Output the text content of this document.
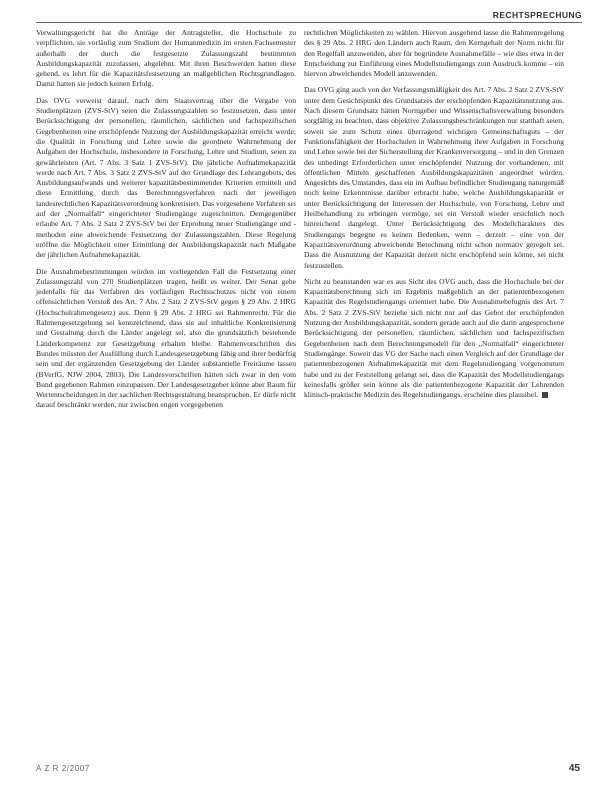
RECHTSPRECHUNG

Verwaltungsgericht hat die Anträge der Antragsteller, die Hochschule zu verpflichten, sie vorläufig zum Studium der Humanmedizin im ersten Fachsemester außerhalb der durch die festgesetzte Zulassungszahl bestimmten Ausbildungskapazität zuzulassen, abgelehnt. Mit ihren Beschwerden hatten diese gehend, es lehrt für die Kapazitätsfestsetzung an maßgeblichen Rechtsgrundlagen. Damit hatten sie jedoch keinen Erfolg.

Das OVG verweist darauf, nach dem Staatsvertrag über die Vergabe von Studienplätzen (ZVS-StV) seien die Zulassungszahlen so festzusetzen, dass unter Berücksichtigung der personellen, räumlichen, sächlichen und fachspezifischen Gegebenheiten eine erschöpfende Nutzung der Ausbildungskapazität erreicht werde; die Qualität in Forschung und Lehre sowie die geordnete Wahrnehmung der Aufgaben der Hochschule, insbesondere in Forschung, Lehre und Studium, seien zu gewährleisten (Art. 7 Abs. 3 Satz 1 ZVS-StV). Die jährliche Aufnahmekapazität werde nach Art. 7 Abs. 3 Satz 2 ZVS-StV auf der Grundlage des Lehrangebots, des Ausbildungsaufwands und weiterer kapazitätsbestimmender Kriterien ermittelt und diese Ermittlung durch das Berechnungsverfahren nach der jeweiligen landesrechtlichen Kapazitätsverordnung konkretisiert. Das vorgesehene Verfahren sei auf der „Normalfall“ eingerichteter Studiengänge zugeschnitten. Demgegenüber erlaube Art. 7 Abs. 2 Satz 2 ZVS-StV bei der Erprobung neuer Studiengänge und -methoden eine abweichende Festsetzung der Zulassungszahlen. Diese Regelung eröffne die Möglichkeit einer Ermittlung der Ausbildungskapazität nach Maßgabe der jährlichen Aufnahmekapazität.

Die Ausnahmebestimmungen würden im vorliegenden Fall die Festsetzung einer Zulassungszahl von 270 Studienplätzen tragen, heißt es weiter. Der Senat gehe jedenfalls für das Verfahren des vorläufigen Rechtsschutzes nicht von einem offensichtlichen Verstoß des Art. 7 Abs. 2 Satz 2 ZVS-StV gegen § 29 Abs. 2 HRG (Hochschulrahmengesetz) aus. Denn § 29 Abs. 2 HRG sei Rahmenrecht. Für die Rahmengesetzgebung sei kennzeichnend, dass sie auf inhaltliche Konkretisierung und Gestaltung durch die Länder angelegt sei, also die grundsätzlich bestehende Länderkompetenz zur Gesetzgebung erhalten bleibe. Rahmenvorschriften des Bundes müssten der Ausfüllung durch Landesgesetzgebung fähig und ihrer bedürftig sein und der ergänzenden Gesetzgebung der Länder substantielle Freiräume lassen (BVerfG, NJW 2004, 2803). Die Landesvorschriften hätten sich zwar in den vom Bund gegebenen Rahmen einzupassen. Der Landesgesetzgeber könne aber Raum für Wertentscheidungen in der sachlichen Rechtsgestaltung beanspruchen. Er dürfe nicht darauf beschränkt werden, nur zwischen engen vorgegebenen

rechtlichen Möglichkeiten zu wählen. Hiervon ausgehend lasse die Rahmenregelung des § 29 Abs. 2 HRG den Ländern auch Raum, den Kerngehalt der Norm nicht für den Regelfall anzuwenden, aber für begründete Ausnahmefälle – wie dies etwa in der Entscheidung zur Einführung eines Modellstudiengangs zum Ausdruck komme – ein hiervon abweichendes Modell anzuwenden.

Das OVG ging auch von der Verfassungsmäßigkeit des Art. 7 Abs. 2 Satz 2 ZVS-StV unter dem Gesichtspunkt des Grundsatzes der erschöpfenden Kapazitätsnutzung aus. Nach diesem Grundsatz hätten Normgeber und Wissenschaftsverwaltung besonders sorgfältig zu beachten, dass objektive Zulassungsbeschränkungen nur statthaft seien, soweit sie zum Schutz eines überragend wichtigen Gemeinschaftsguts – der Funktionsfähigkeit der Hochschulen in Wahrnehmung ihrer Aufgaben in Forschung und Lehre sowie bei der Sicherstellung der Krankenversorgung – und in den Grenzen des unbedingt Erforderlichen unter erschöpfender Nutzung der vorhandenen, mit öffentlichen Mitteln geschaffenen Ausbildungskapazitäten angeordnet würden. Angesichts des Umstandes, dass ein im Aufbau befindlicher Studiengang naturgemäß noch keine Erkenntnisse darüber erbracht habe, welche Ausbildungskapazität er unter Berücksichtigung der Interessen der Hochschule, von Forschung, Lehre und Heilbehandlung zu erbringen vermöge, sei ein Verstoß wieder ersichtlich noch hinreichend dargelegt. Unter Berücksichtigung des Modellcharakters des Studiengangs begegne es keinen Bedenken, wenn – derzeit – eine von der Kapazitätsverordnung abweichende Berechnung nicht schon normativ geregelt sei. Dass die Ausnutzung der Kapazität derzeit nicht erschöpfend sein könne, sei nicht festzustellen.

Nicht zu beanstanden war es aus Sicht des OVG auch, dass die Hochschule bei der Kapazitätsberechnung sich im Ergebnis maßgeblich an der patientenbezogenen Kapazität des Regelstudiengangs orientiert habe. Die Ausnahmebefugnis des Art. 7 Abs. 2 Satz 2 ZVS-StV beziehe sich nicht nur auf das Gebot der erschöpfenden Nutzung der Ausbildungskapazität, sondern gerade auch auf die darin angesprochene Berücksichtigung der personellen, räumlichen, sächlichen und fachspezifischen Gegebenheiten nach dem Berechnungsmodell für den „Normalfall“ eingerichteter Studiengänge. Soweit das VG der Sache nach einen Vergleich auf der Grundlage der patientenbezogenen Aufnahmekapazität mit dem Regelstudiengang vorgenommen habe und zu der Feststellung gelangt sei, dass die Kapazität des Modellstudiengangs keinesfalls größer sein könne als die patientenbezogene Kapazität der Lehrenden klinisch-praktische Medizin des Regelstudiengangs, erscheine dies plausibel.

A Z R 2/2007	45
